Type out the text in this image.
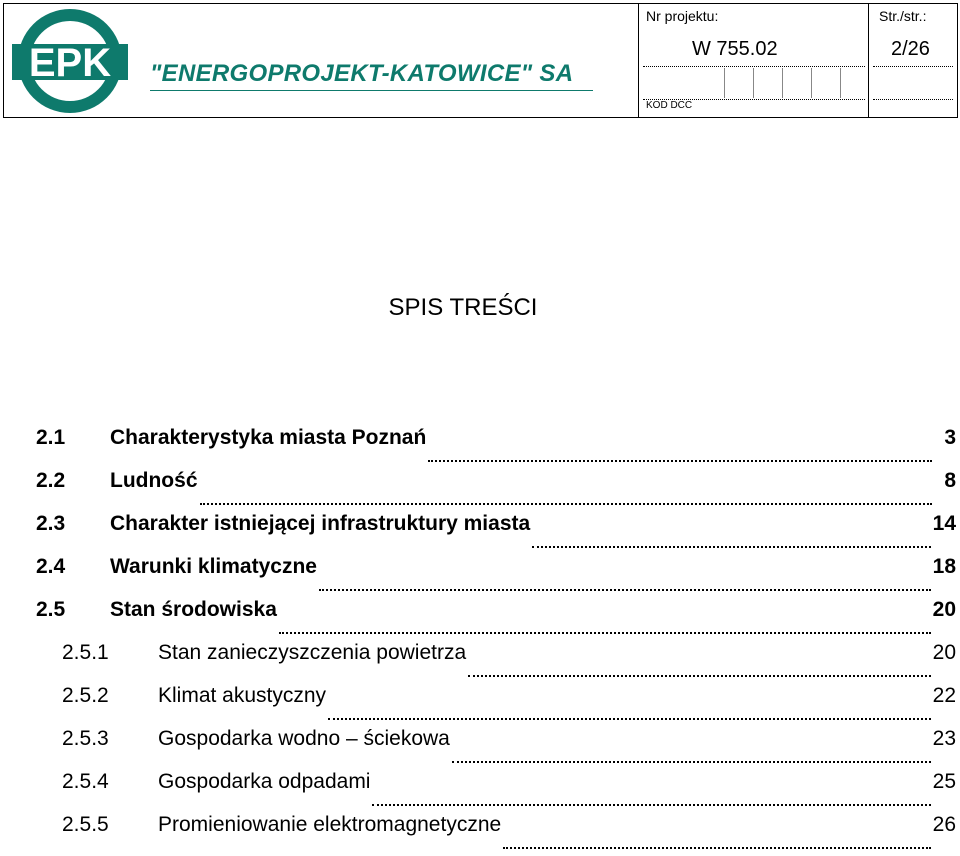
EPK "ENERGOPROJEKT-KATOWICE" SA
Nr projektu:
W 755.02
KOD DCC
Str./str.:
2/26
SPIS TREŚCI
2.1	Charakterystyka miasta Poznań	3
2.2	Ludność	8
2.3	Charakter istniejącej infrastruktury miasta	14
2.4	Warunki klimatyczne	18
2.5	Stan środowiska	20
2.5.1	Stan zanieczyszczenia powietrza	20
2.5.2	Klimat akustyczny	22
2.5.3	Gospodarka wodno – ściekowa	23
2.5.4	Gospodarka odpadami	25
2.5.5	Promieniowanie elektromagnetyczne	26
